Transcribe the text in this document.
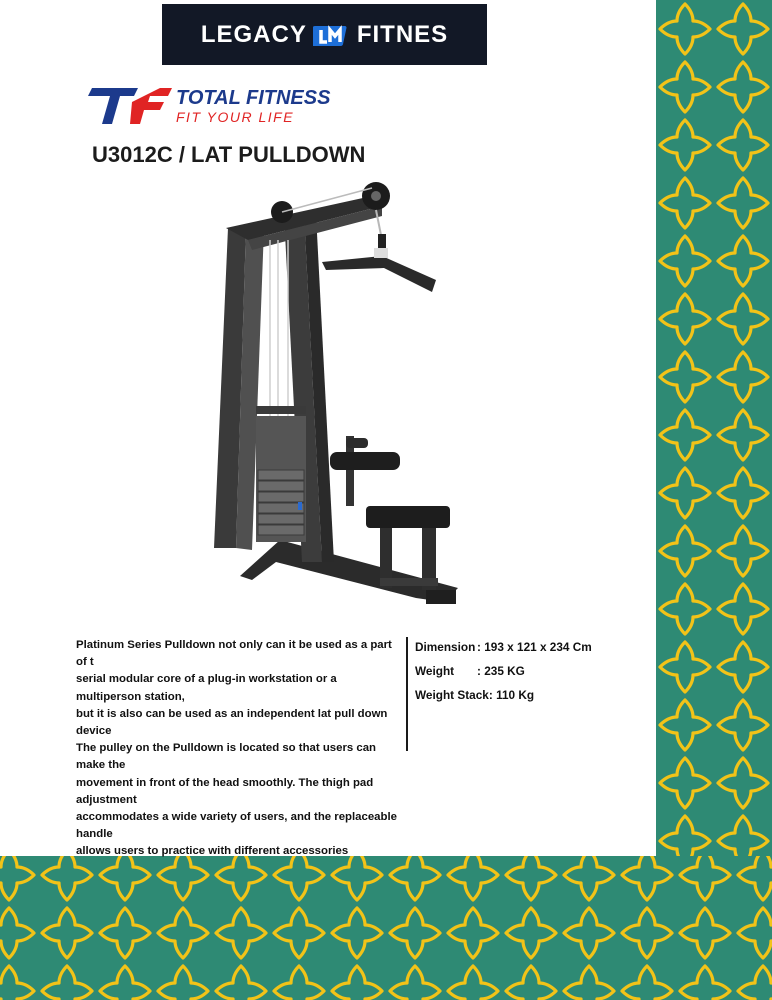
LEGACY FITNES
TOTAL FITNESS
FIT YOUR LIFE
U3012C / LAT PULLDOWN

Platinum Series Pulldown not only can it be used as a part of t

serial modular core of a plug-in workstation or a multiperson station,

but it is also can be used as an independent lat pull down device

The pulley on the Pulldown is located so that users can make the

movement in front of the head smoothly. The thigh pad adjustment

accommodates a wide variety of users, and the replaceable handle

allows users to practice with different accessories

Dimension : 193 x 121 x 234 Cm
Weight	: 235 KG
Weight Stack : 110 Kg
